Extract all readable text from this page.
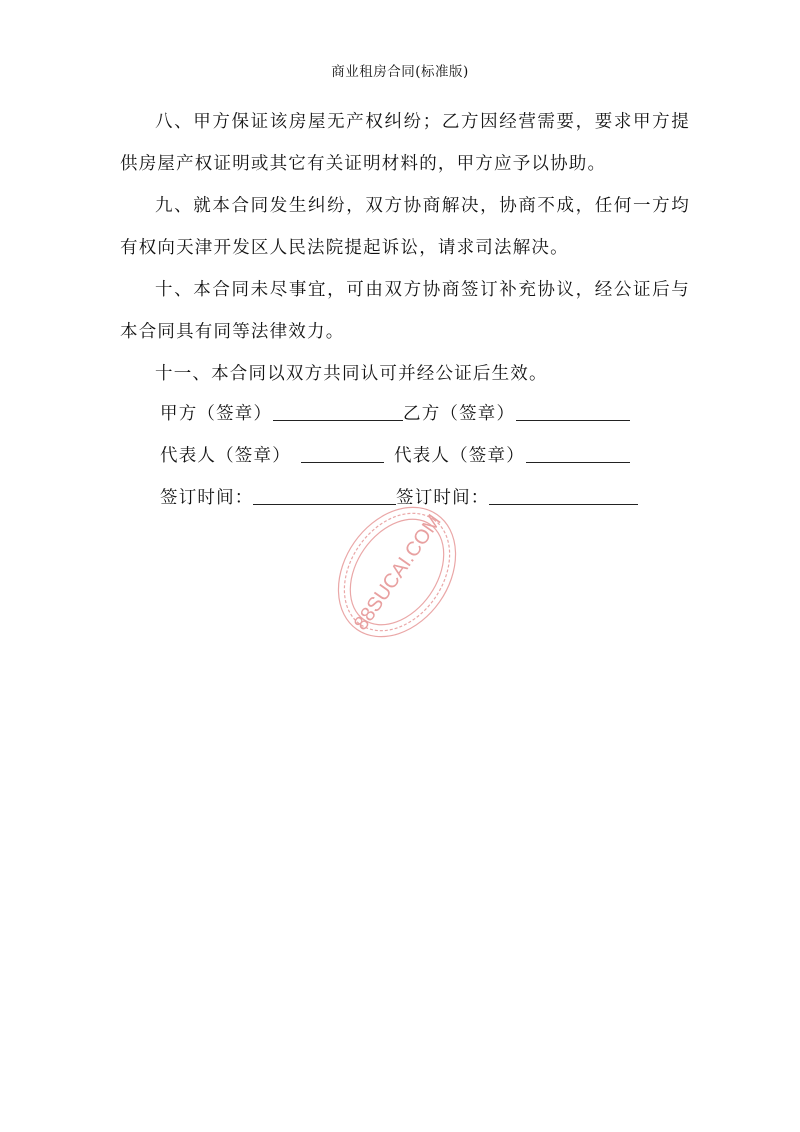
商业租房合同(标准版)

八、甲方保证该房屋无产权纠纷；乙方因经营需要，要求甲方提供房屋产权证明或其它有关证明材料的，甲方应予以协助。

九、就本合同发生纠纷，双方协商解决，协商不成，任何一方均有权向天津开发区人民法院提起诉讼，请求司法解决。

十、本合同未尽事宜，可由双方协商签订补充协议，经公证后与本合同具有同等法律效力。

十一、本合同以双方共同认可并经公证后生效。

甲方（签章）	乙方（签章）
代表人（签章）	代表人（签章）
签订时间：	签订时间：
88SUCAI.COM
